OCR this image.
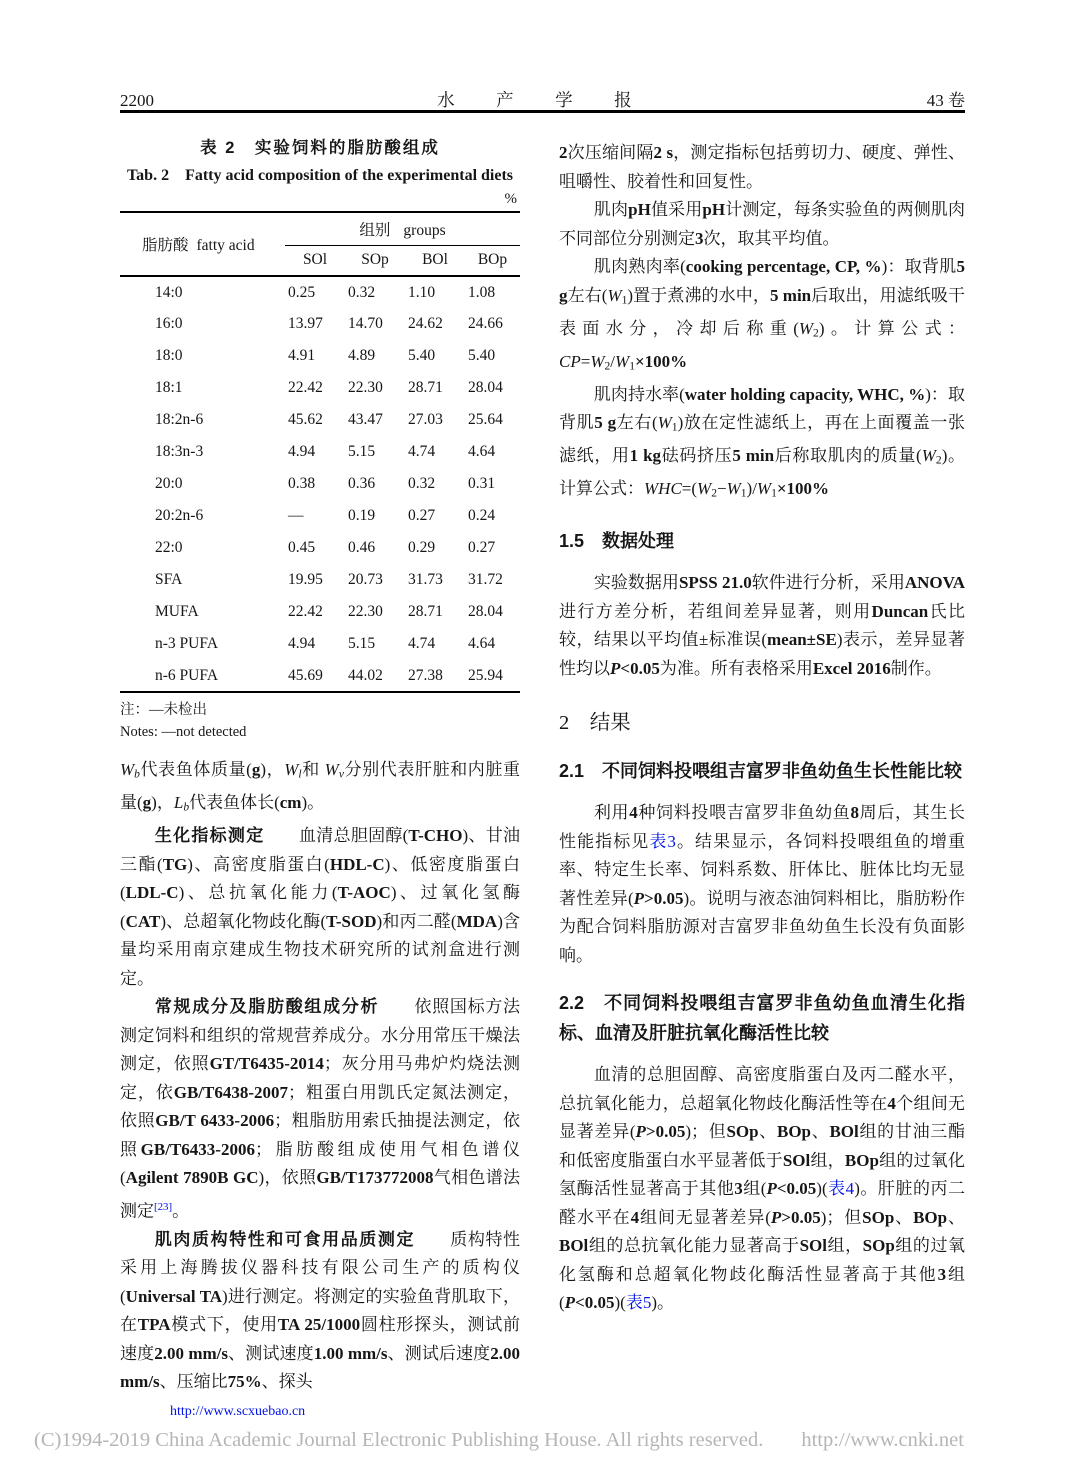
2200	水　产　学　报	43 卷
表 2　实验饲料的脂肪酸组成
Tab. 2　Fatty acid composition of the experimental diets
%
脂肪酸 fatty acid	组别 groups			
	SOl	SOp	BOl	BOp
14:0	0.25	0.32	1.10	1.08
16:0	13.97	14.70	24.62	24.66
18:0	4.91	4.89	5.40	5.40
18:1	22.42	22.30	28.71	28.04
18:2n-6	45.62	43.47	27.03	25.64
18:3n-3	4.94	5.15	4.74	4.64
20:0	0.38	0.36	0.32	0.31
20:2n-6	—	0.19	0.27	0.24
22:0	0.45	0.46	0.29	0.27
SFA	19.95	20.73	31.73	31.72
MUFA	22.42	22.30	28.71	28.04
n-3 PUFA	4.94	5.15	4.74	4.64
n-6 PUFA	45.69	44.02	27.38	25.94
注：—未检出
Notes: —not detected
Wb代表鱼体质量(g)，Wl和 Wv分别代表肝脏和内脏重量(g)，Lb代表鱼体长(cm)。
生化指标测定　　 血清总胆固醇(T-CHO)、甘油三酯(TG)、高密度脂蛋白(HDL-C)、低密度脂蛋白(LDL-C)、总抗氧化能力(T-AOC)、过氧化氢酶(CAT)、总超氧化物歧化酶(T-SOD)和丙二醛(MDA)含量均采用南京建成生物技术研究所的试剂盒进行测定。
常规成分及脂肪酸组成分析　　 依照国标方法测定饲料和组织的常规营养成分。水分用常压干燥法测定，依照GT/T6435-2014；灰分用马弗炉灼烧法测定，依GB/T6438-2007；粗蛋白用凯氏定氮法测定，依照GB/T 6433-2006；粗脂肪用索氏抽提法测定，依照GB/T6433-2006；脂肪酸组成使用气相色谱仪(Agilent 7890B GC)，依照GB/T173772008气相色谱法测定[23]。
肌肉质构特性和可食用品质测定　　 质构特性采用上海腾拔仪器科技有限公司生产的质构仪(Universal TA)进行测定。将测定的实验鱼背肌取下，在TPA模式下，使用TA 25/1000圆柱形探头，测试前速度2.00 mm/s、测试速度1.00 mm/s、测试后速度2.00 mm/s、压缩比75%、探头
2次压缩间隔2 s，测定指标包括剪切力、硬度、弹性、咀嚼性、胶着性和回复性。
肌肉pH值采用pH计测定，每条实验鱼的两侧肌肉不同部位分别测定3次，取其平均值。
肌肉熟肉率(cooking percentage, CP, %)：取背肌5 g左右(W1)置于煮沸的水中，5 min后取出，用滤纸吸干表面水分，冷却后称重(W2)。计算公式：CP=W2/W1×100%
肌肉持水率(water holding capacity, WHC, %)：取背肌5 g左右(W1)放在定性滤纸上，再在上面覆盖一张滤纸，用1 kg砝码挤压5 min后称取肌肉的质量(W2)。计算公式：WHC=(W2−W1)/W1×100%
1.5　数据处理
实验数据用SPSS 21.0软件进行分析，采用ANOVA进行方差分析，若组间差异显著，则用Duncan氏比较，结果以平均值±标准误(mean±SE)表示，差异显著性均以P<0.05为准。所有表格采用Excel 2016制作。
2　结果
2.1　不同饲料投喂组吉富罗非鱼幼鱼生长性能比较
利用4种饲料投喂吉富罗非鱼幼鱼8周后，其生长性能指标见表3。结果显示，各饲料投喂组鱼的增重率、特定生长率、饲料系数、肝体比、脏体比均无显著性差异(P>0.05)。说明与液态油饲料相比，脂肪粉作为配合饲料脂肪源对吉富罗非鱼幼鱼生长没有负面影响。
2.2　不同饲料投喂组吉富罗非鱼幼鱼血清生化指标、血清及肝脏抗氧化酶活性比较
血清的总胆固醇、高密度脂蛋白及丙二醛水平，总抗氧化能力，总超氧化物歧化酶活性等在4个组间无显著差异(P>0.05)；但SOp、BOp、BOl组的甘油三酯和低密度脂蛋白水平显著低于SOl组，BOp组的过氧化氢酶活性显著高于其他3组(P<0.05)(表4)。肝脏的丙二醛水平在4组间无显著差异(P>0.05)；但SOp、BOp、BOl组的总抗氧化能力显著高于SOl组，SOp组的过氧化氢酶和总超氧化物歧化酶活性显著高于其他3组(P<0.05)(表5)。
http://www.scxuebao.cn
(C)1994-2019 China Academic Journal Electronic Publishing House. All rights reserved. http://www.cnki.net
